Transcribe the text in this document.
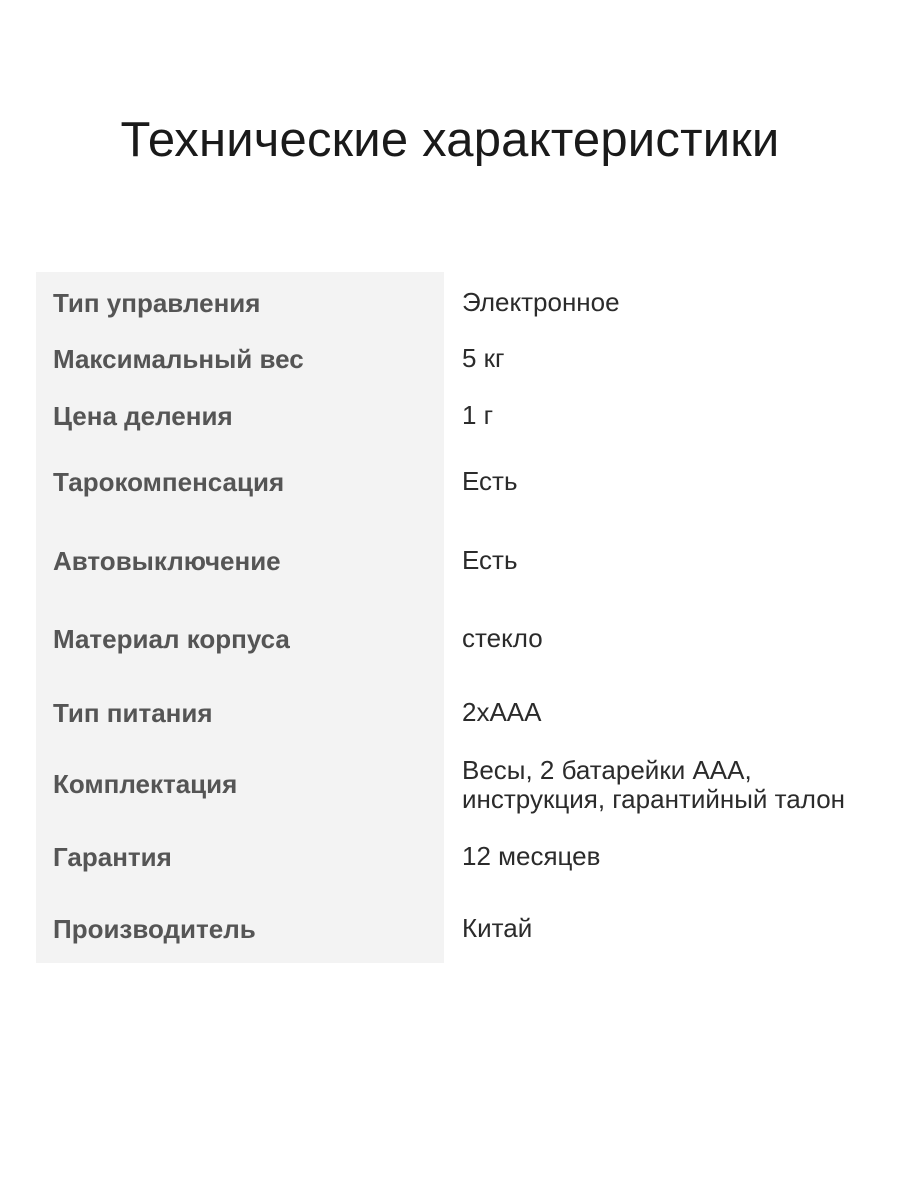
Технические характеристики
Тип управления	Электронное
Максимальный вес	5 кг
Цена деления	1 г
Тарокомпенсация	Есть
Автовыключение	Есть
Материал корпуса	стекло
Тип питания	2хААА
Комплектация	Весы, 2 батарейки ААА,
инструкция, гарантийный талон
Гарантия	12 месяцев
Производитель	Китай
